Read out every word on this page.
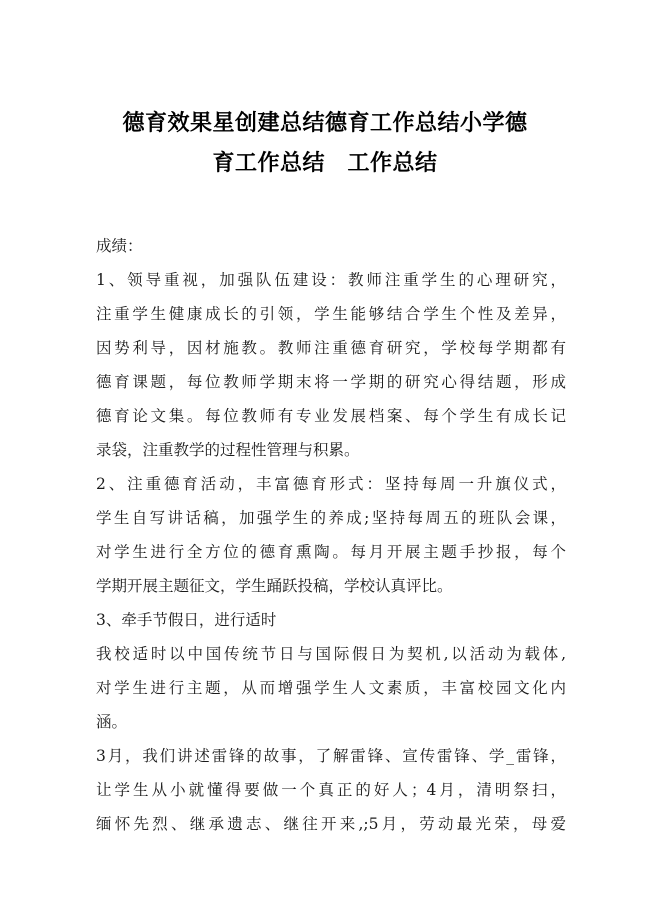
德育效果星创建总结德育工作总结小学德
育工作总结　工作总结
成绩：
1、领导重视，加强队伍建设：教师注重学生的心理研究，
注重学生健康成长的引领，学生能够结合学生个性及差异，
因势利导，因材施教。教师注重德育研究，学校每学期都有
德育课题，每位教师学期末将一学期的研究心得结题，形成
德育论文集。每位教师有专业发展档案、每个学生有成长记
录袋，注重教学的过程性管理与积累。
2、注重德育活动，丰富德育形式：坚持每周一升旗仪式，
学生自写讲话稿，加强学生的养成;坚持每周五的班队会课，
对学生进行全方位的德育熏陶。每月开展主题手抄报，每个
学期开展主题征文，学生踊跃投稿，学校认真评比。
3、牵手节假日，进行适时
我校适时以中国传统节日与国际假日为契机,以活动为载体,
对学生进行主题，从而增强学生人文素质，丰富校园文化内
涵。
3月，我们讲述雷锋的故事，了解雷锋、宣传雷锋、学_雷锋，
让学生从小就懂得要做一个真正的好人；4月，清明祭扫，
缅怀先烈、继承遗志、继往开来,;5月，劳动最光荣，母爱
